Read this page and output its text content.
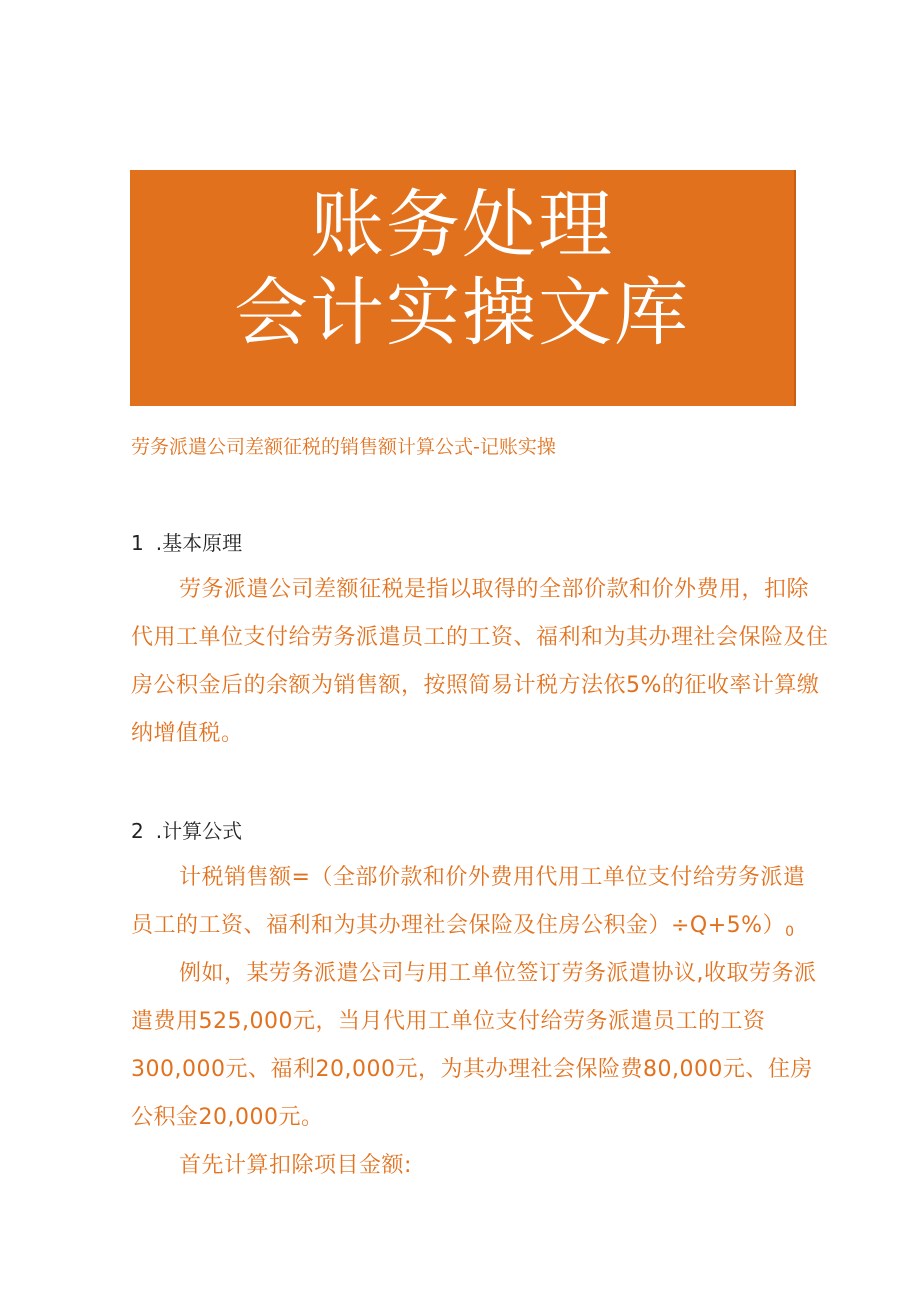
账务处理
会计实操文库
劳务派遣公司差额征税的销售额计算公式-记账实操
1 .基本原理
劳务派遣公司差额征税是指以取得的全部价款和价外费用，扣除
代用工单位支付给劳务派遣员工的工资、福利和为其办理社会保险及住
房公积金后的余额为销售额，按照简易计税方法依5%的征收率计算缴
纳增值税。
2 .计算公式
计税销售额=（全部价款和价外费用代用工单位支付给劳务派遣
员工的工资、福利和为其办理社会保险及住房公积金）$\div Q+5\%)_0$
例如，某劳务派遣公司与用工单位签订劳务派遣协议,收取劳务派
遣费用525,000元，当月代用工单位支付给劳务派遣员工的工资
300,000元、福利20,000元，为其办理社会保险费80,000元、住房
公积金20,000元。
首先计算扣除项目金额:
